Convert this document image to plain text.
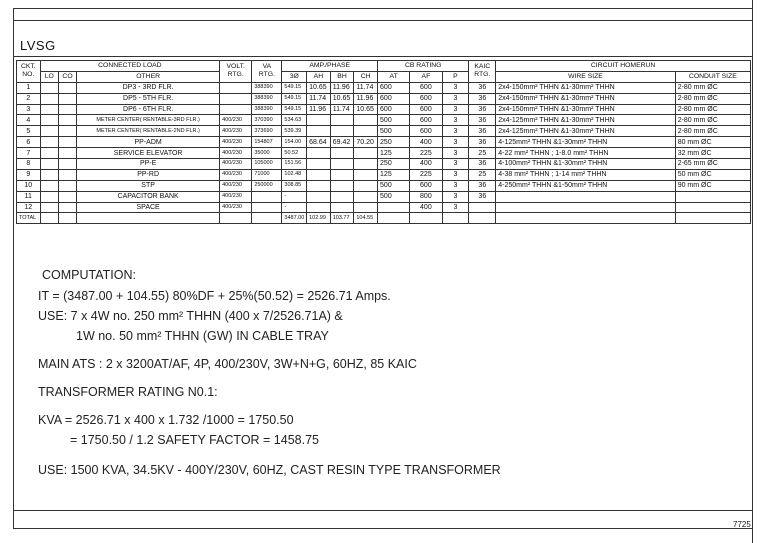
LVSG
CKT. NO.	CONNECTED LOAD			VOLT. RTG.	VA RTG.	AMP./PHASE				CB RATING			KAIC RTG.	CIRCUIT HOMERUN	
	LO	CO	OTHER			3Ø	AH	BH	CH	AT	AF	P		WIRE SIZE	CONDUIT SIZE
1			DP3 - 3RD FLR.		388390	549.15	10.65	11.96	11.74	600	600	3	36	2x4-150mm² THHN &1-30mm² THHN	2-80 mm ØC
2			DP5 - 5TH FLR.		388390	549.15	11.74	10.65	11.96	600	600	3	36	2x4-150mm² THHN &1-30mm² THHN	2-80 mm ØC
3			DP6 - 6TH FLR.		388390	549.15	11.96	11.74	10.65	600	600	3	36	2x4-150mm² THHN &1-30mm² THHN	2-80 mm ØC
4			METER CENTER( RENTABLE-3RD FLR.)	400/230	370390	534.63				500	600	3	36	2x4-125mm² THHN &1-30mm² THHN	2-80 mm ØC
5			METER CENTER( RENTABLE-2ND FLR.)	400/230	373690	539.39				500	600	3	36	2x4-125mm² THHN &1-30mm² THHN	2-80 mm ØC
6			PP-ADM	400/230	154807	154.00	68.64	69.42	70.20	250	400	3	36	4-125mm² THHN &1-30mm² THHN	80 mm ØC
7			SERVICE ELEVATOR	400/230	35000	50.52				125	225	3	25	4-22 mm² THHN ; 1-8.0 mm² THHN	32 mm ØC
8			PP-E	400/230	105000	151.56				250	400	3	36	4-100mm² THHN &1-30mm² THHN	2-65 mm ØC
9			PP-RD	400/230	71000	102.48				125	225	3	25	4-38 mm² THHN ; 1-14 mm² THHN	50 mm ØC
10			STP	400/230	250000	308.85				500	600	3	36	4-250mm² THHN &1-50mm² THHN	90 mm ØC
11			CAPACITOR BANK	400/230		-				500	800	3	36		
12			SPACE	400/230		-					400	3			
TOTAL						3487.00	102.99	103.77	104.55						
COMPUTATION:
IT = (3487.00 + 104.55) 80%DF + 25%(50.52) = 2526.71 Amps.
USE: 7 x 4W no. 250 mm² THHN (400 x 7/2526.71A) &
1W no. 50 mm² THHN (GW) IN CABLE TRAY
MAIN ATS : 2 x 3200AT/AF, 4P, 400/230V, 3W+N+G, 60HZ, 85 KAIC
TRANSFORMER RATING N0.1:
KVA = 2526.71 x 400 x 1.732 /1000 = 1750.50
= 1750.50 / 1.2 SAFETY FACTOR = 1458.75
USE: 1500 KVA, 34.5KV - 400Y/230V, 60HZ, CAST RESIN TYPE TRANSFORMER
7725
